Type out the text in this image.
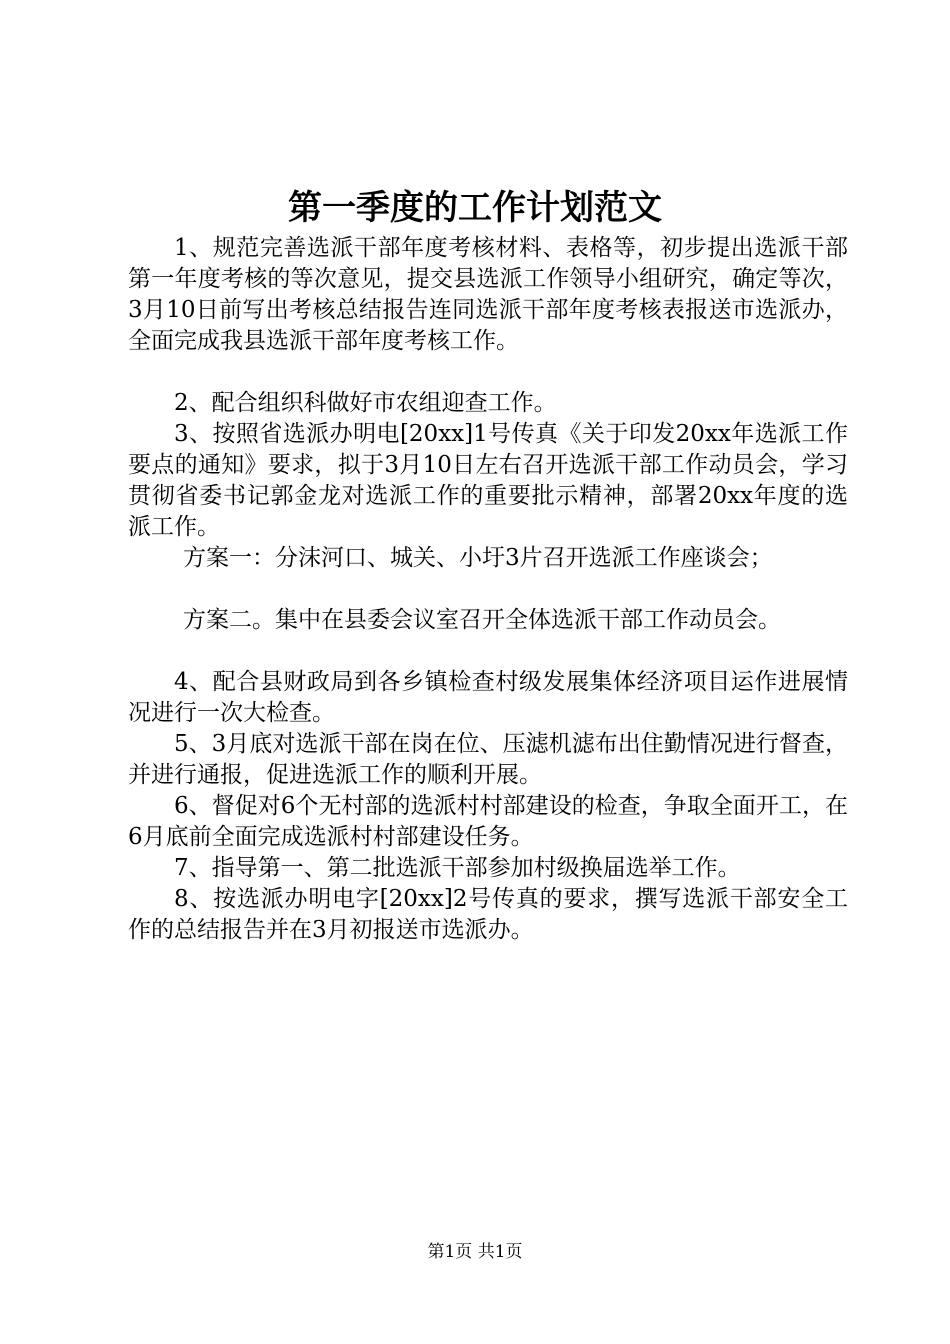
第一季度的工作计划范文

1、规范完善选派干部年度考核材料、表格等，初步提出选派干部第一年度考核的等次意见，提交县选派工作领导小组研究，确定等次，3月10日前写出考核总结报告连同选派干部年度考核表报送市选派办，全面完成我县选派干部年度考核工作。

2、配合组织科做好市农组迎查工作。

3、按照省选派办明电[20xx]1号传真《关于印发20xx年选派工作要点的通知》要求，拟于3月10日左右召开选派干部工作动员会，学习贯彻省委书记郭金龙对选派工作的重要批示精神，部署20xx年度的选派工作。

方案一：分沫河口、城关、小圩3片召开选派工作座谈会；

方案二。集中在县委会议室召开全体选派干部工作动员会。

4、配合县财政局到各乡镇检查村级发展集体经济项目运作进展情况进行一次大检查。

5、3月底对选派干部在岗在位、压滤机滤布出住勤情况进行督查，并进行通报，促进选派工作的顺利开展。

6、督促对6个无村部的选派村村部建设的检查，争取全面开工，在6月底前全面完成选派村村部建设任务。

7、指导第一、第二批选派干部参加村级换届选举工作。

8、按选派办明电字[20xx]2号传真的要求，撰写选派干部安全工作的总结报告并在3月初报送市选派办。

第1页 共1页
